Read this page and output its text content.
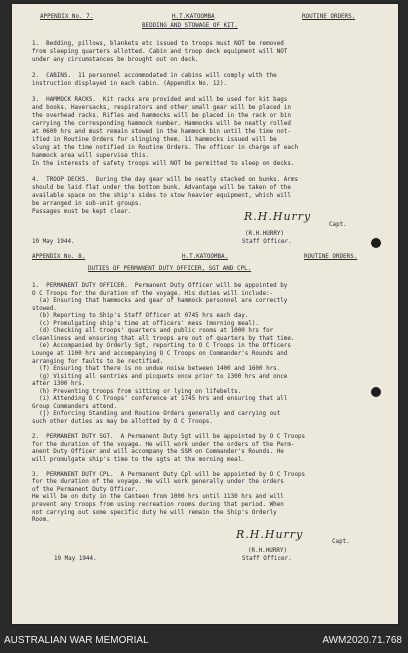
APPENDIX No. 7.	H.T.KATOOMBA	ROUTINE ORDERS.
BEDDING AND STOWAGE OF KIT.
1.  Bedding, pillows, blankets etc issued to troops must NOT be removed
from sleeping quarters allotted. Cabin and troop deck equipment will NOT
under any circumstances be brought out on deck.
2.  CABINS.  11 personnel accommodated in cabins will comply with the
instruction displayed in each cabin. (Appendix No. 12).
3.  HAMMOCK RACKS.  Kit racks are provided and will be used for kit bags
and books. Haversacks, respirators and other small gear will be placed in
the overhead racks. Rifles and hammocks will be placed in the rack or bin
carrying the corresponding hammock number. Hammocks will be neatly rolled
at 0600 hrs and must remain stowed in the hammock bin until the time not-
ified in Routine Orders for slinging them. 11 hammocks issued will be
slung at the time notified in Routine Orders. The officer in charge of each
hammock area will supervise this.
In the interests of safety troops will NOT be permitted to sleep on decks.
4.  TROOP DECKS.  During the day gear will be neatly stacked on bunks. Arms
should be laid flat under the bottom bunk. Advantage will be taken of the
available space on the ship's sides to stow heavier equipment, which will
be arranged in sub-unit groups.
Passages must be kept clear.
19 May 1944.
R.H.Hurry
Capt.
(R.H.HURRY)
Staff Officer.
APPENDIX No. 8.	H.T.KATOOMBA.	ROUTINE ORDERS.
DUTIES OF PERMANENT DUTY OFFICER, SGT AND CPL.
1.  PERMANENT DUTY OFFICER.  Permanent Duty Officer will be appointed by
O C Troops for the duration of the voyage. His duties will include:-
(a) Ensuring that hammocks and gear of hammock personnel are correctly
stowed.
(b) Reporting to Ship's Staff Officer at 0745 hrs each day.
(c) Promulgating ship's time at officers' mess (morning meal).
(d) Checking all troops' quarters and public rooms at 1000 hrs for
cleanliness and ensuring that all troops are out of quarters by that time.
(e) Accompanied by Orderly Sgt, reporting to O C Troops in the Officers
Lounge at 1100 hrs and accompanying O C Troops on Commander's Rounds and
arranging for faults to be rectified.
(f) Ensuring that there is no undue noise between 1400 and 1600 hrs.
(g) Visiting all sentries and picquets once prior to 1300 hrs and once
after 1300 hrs.
(h) Preventing troops from sitting or lying on lifebelts.
(i) Attending O C Troops' conference at 1745 hrs and ensuring that all
Group Commanders attend.
(j) Enforcing Standing and Routine Orders generally and carrying out
such other duties as may be allotted by O C Troops.
2.  PERMANENT DUTY SGT.  A Permanent Duty Sgt will be appointed by O C Troops
for the duration of the voyage. He will work under the orders of the Perm-
anent Duty Officer and will accompany the SSM on Commander's Rounds. He
will promulgate ship's time to the sgts at the morning meal.
3.  PERMANENT DUTY CPL.  A Permanent Duty Cpl will be appointed by O C Troops
for the duration of the voyage. He will work generally under the orders
of the Permanent Duty Officer.
He will be on duty in the Canteen from 1000 hrs until 1130 hrs and will
prevent any troops from using recreation rooms during that period. When
not carrying out some specific duty he will remain the Ship's Orderly
Room.
R.H.Hurry
Capt.
(R.H.HURRY)
Staff Officer.
19 May 1944.
AUSTRALIAN WAR MEMORIAL	AWM2020.71.768
